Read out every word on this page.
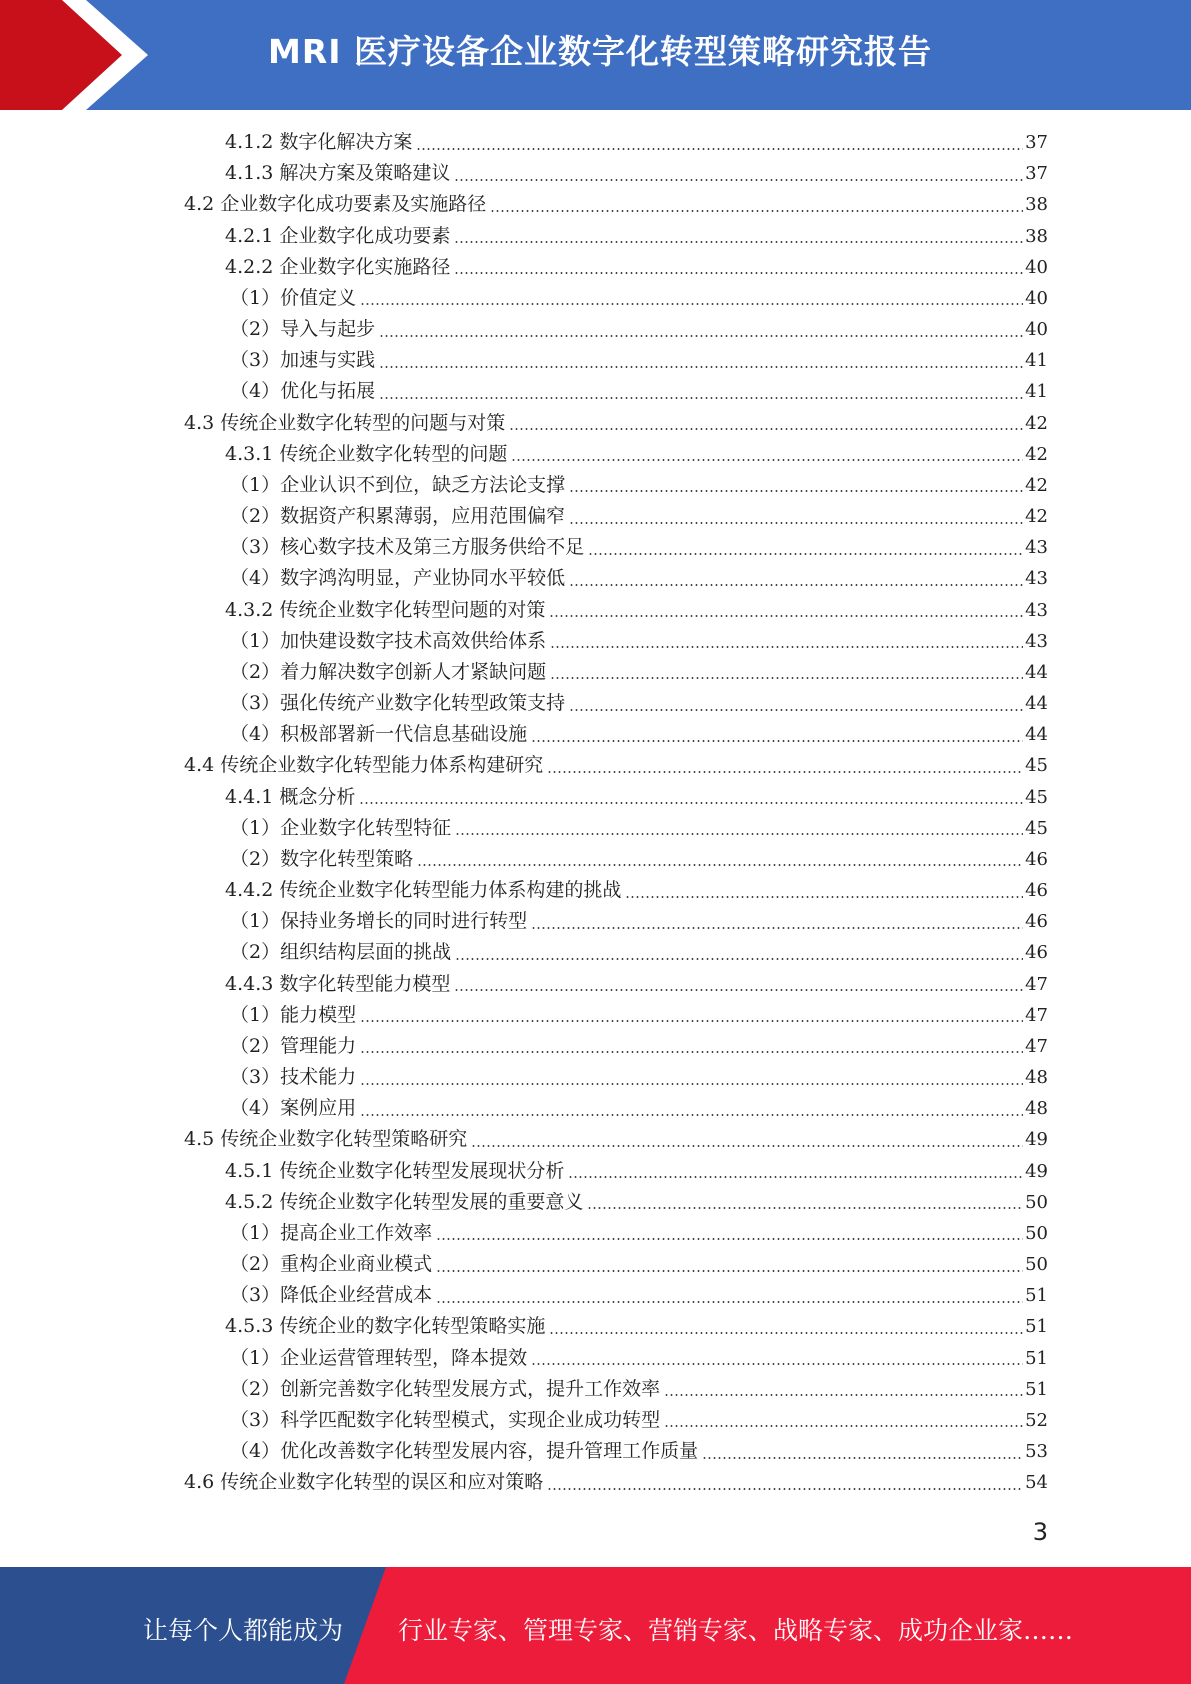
MRI 医疗设备企业数字化转型策略研究报告
4.1.2 数字化解决方案	37
4.1.3 解决方案及策略建议	37
4.2 企业数字化成功要素及实施路径	38
4.2.1 企业数字化成功要素	38
4.2.2 企业数字化实施路径	40
（1）价值定义	40
（2）导入与起步	40
（3）加速与实践	41
（4）优化与拓展	41
4.3 传统企业数字化转型的问题与对策	42
4.3.1 传统企业数字化转型的问题	42
（1）企业认识不到位，缺乏方法论支撑	42
（2）数据资产积累薄弱，应用范围偏窄	42
（3）核心数字技术及第三方服务供给不足	43
（4）数字鸿沟明显，产业协同水平较低	43
4.3.2 传统企业数字化转型问题的对策	43
（1）加快建设数字技术高效供给体系	43
（2）着力解决数字创新人才紧缺问题	44
（3）强化传统产业数字化转型政策支持	44
（4）积极部署新一代信息基础设施	44
4.4 传统企业数字化转型能力体系构建研究	45
4.4.1 概念分析	45
（1）企业数字化转型特征	45
（2）数字化转型策略	46
4.4.2 传统企业数字化转型能力体系构建的挑战	46
（1）保持业务增长的同时进行转型	46
（2）组织结构层面的挑战	46
4.4.3 数字化转型能力模型	47
（1）能力模型	47
（2）管理能力	47
（3）技术能力	48
（4）案例应用	48
4.5 传统企业数字化转型策略研究	49
4.5.1 传统企业数字化转型发展现状分析	49
4.5.2 传统企业数字化转型发展的重要意义	50
（1）提高企业工作效率	50
（2）重构企业商业模式	50
（3）降低企业经营成本	51
4.5.3 传统企业的数字化转型策略实施	51
（1）企业运营管理转型，降本提效	51
（2）创新完善数字化转型发展方式，提升工作效率	51
（3）科学匹配数字化转型模式，实现企业成功转型	52
（4）优化改善数字化转型发展内容，提升管理工作质量	53
4.6 传统企业数字化转型的误区和应对策略	54
3
让每个人都能成为 行业专家、管理专家、营销专家、战略专家、成功企业家……
